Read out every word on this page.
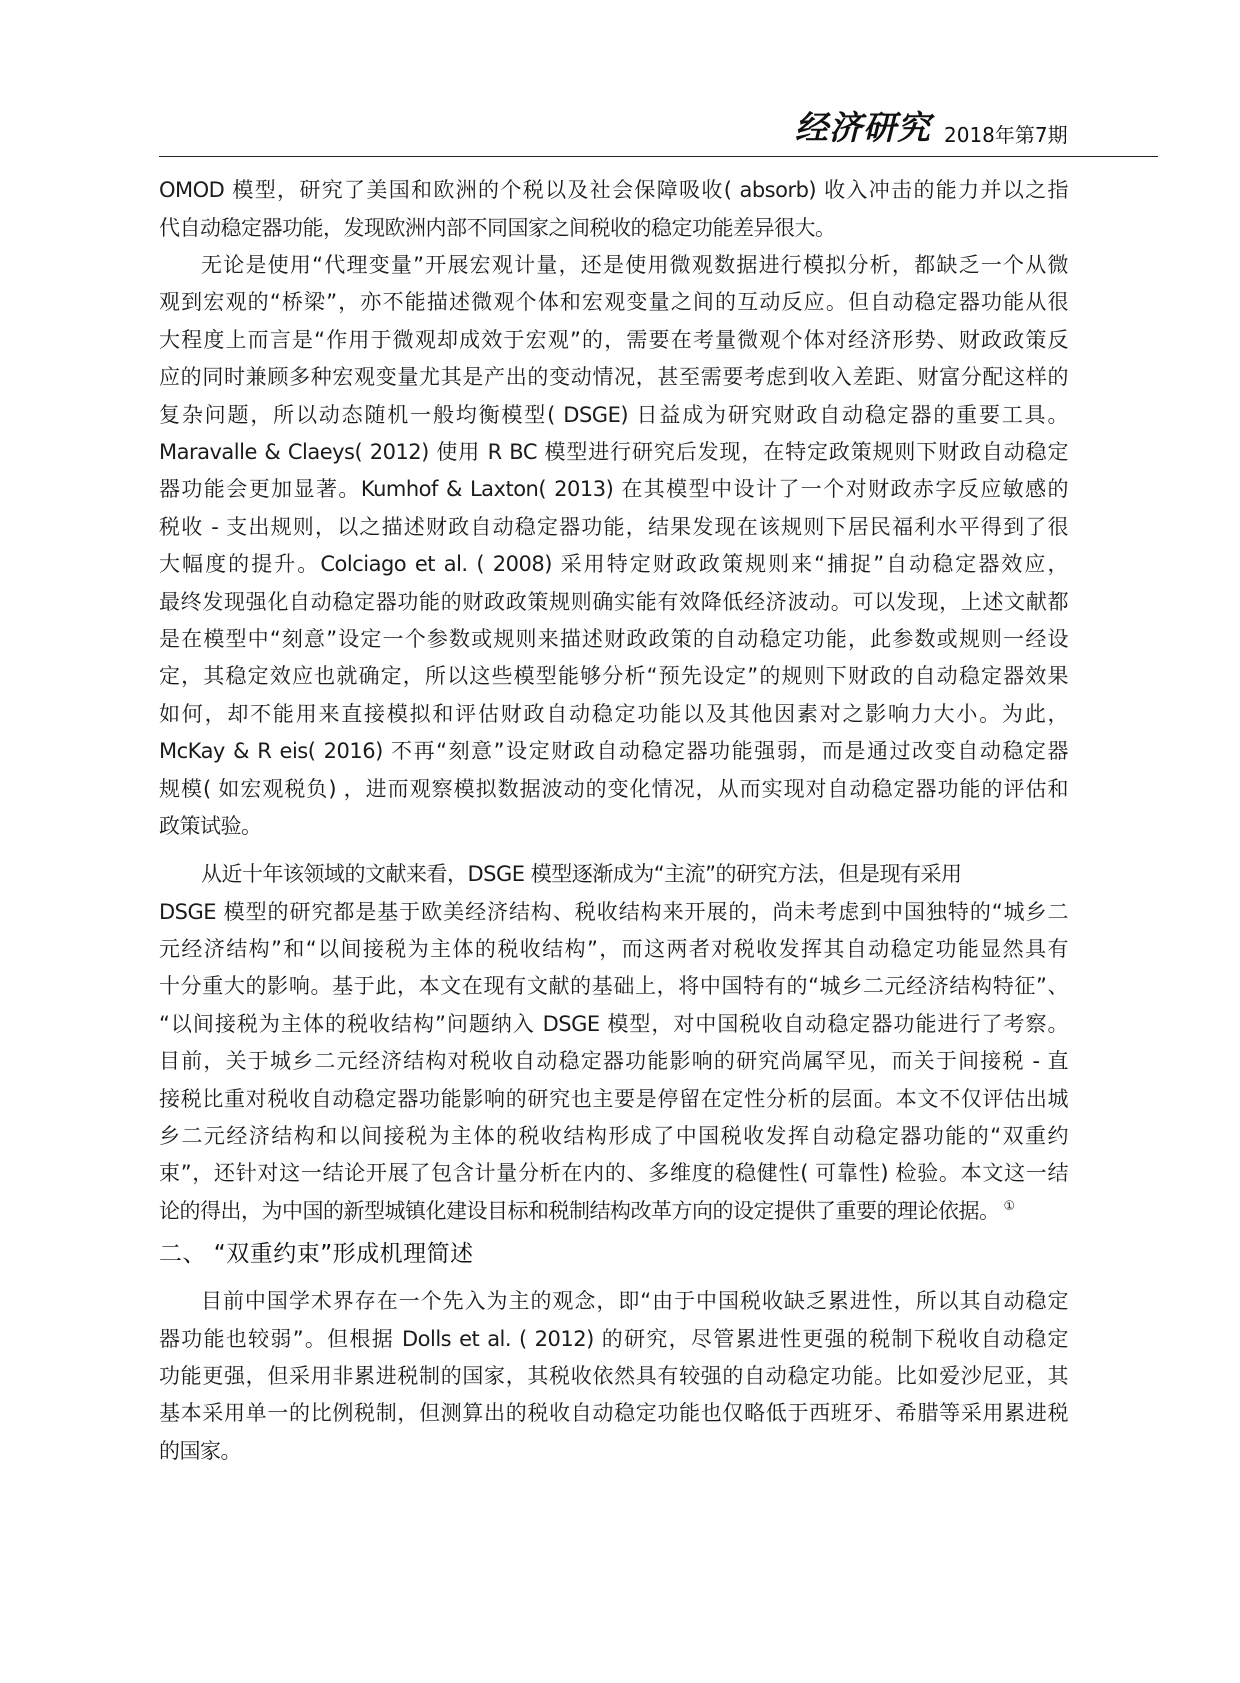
经济研究 2018年第7期
OMOD 模型，研究了美国和欧洲的个税以及社会保障吸收( absorb) 收入冲击的能力并以之指
代自动稳定器功能，发现欧洲内部不同国家之间税收的稳定功能差异很大。
无论是使用“代理变量”开展宏观计量，还是使用微观数据进行模拟分析，都缺乏一个从微
观到宏观的“桥梁”，亦不能描述微观个体和宏观变量之间的互动反应。但自动稳定器功能从很
大程度上而言是“作用于微观却成效于宏观”的，需要在考量微观个体对经济形势、财政政策反
应的同时兼顾多种宏观变量尤其是产出的变动情况，甚至需要考虑到收入差距、财富分配这样的
复杂问题，所以动态随机一般均衡模型( DSGE) 日益成为研究财政自动稳定器的重要工具。
Maravalle & Claeys( 2012) 使用 R BC 模型进行研究后发现，在特定政策规则下财政自动稳定
器功能会更加显著。Kumhof & Laxton( 2013) 在其模型中设计了一个对财政赤字反应敏感的
税收 - 支出规则，以之描述财政自动稳定器功能，结果发现在该规则下居民福利水平得到了很
大幅度的提升。Colciago et al. ( 2008) 采用特定财政政策规则来“捕捉”自动稳定器效应，
最终发现强化自动稳定器功能的财政政策规则确实能有效降低经济波动。可以发现，上述文献都
是在模型中“刻意”设定一个参数或规则来描述财政政策的自动稳定功能，此参数或规则一经设
定，其稳定效应也就确定，所以这些模型能够分析“预先设定”的规则下财政的自动稳定器效果
如何，却不能用来直接模拟和评估财政自动稳定功能以及其他因素对之影响力大小。为此，
McKay & R eis( 2016) 不再“刻意”设定财政自动稳定器功能强弱，而是通过改变自动稳定器
规模( 如宏观税负) ，进而观察模拟数据波动的变化情况，从而实现对自动稳定器功能的评估和
政策试验。
从近十年该领域的文献来看，DSGE 模型逐渐成为“主流”的研究方法，但是现有采用
DSGE 模型的研究都是基于欧美经济结构、税收结构来开展的，尚未考虑到中国独特的“城乡二
元经济结构”和“以间接税为主体的税收结构”，而这两者对税收发挥其自动稳定功能显然具有
十分重大的影响。基于此，本文在现有文献的基础上，将中国特有的“城乡二元经济结构特征”、
“以间接税为主体的税收结构”问题纳入 DSGE 模型，对中国税收自动稳定器功能进行了考察。
目前，关于城乡二元经济结构对税收自动稳定器功能影响的研究尚属罕见，而关于间接税 - 直
接税比重对税收自动稳定器功能影响的研究也主要是停留在定性分析的层面。本文不仅评估出城
乡二元经济结构和以间接税为主体的税收结构形成了中国税收发挥自动稳定器功能的“双重约
束”，还针对这一结论开展了包含计量分析在内的、多维度的稳健性( 可靠性) 检验。本文这一结
论的得出，为中国的新型城镇化建设目标和税制结构改革方向的设定提供了重要的理论依据。 ①
二、 “双重约束”形成机理简述
目前中国学术界存在一个先入为主的观念，即“由于中国税收缺乏累进性，所以其自动稳定
器功能也较弱”。但根据 Dolls et al. ( 2012) 的研究，尽管累进性更强的税制下税收自动稳定
功能更强，但采用非累进税制的国家，其税收依然具有较强的自动稳定功能。比如爱沙尼亚，其
基本采用单一的比例税制，但测算出的税收自动稳定功能也仅略低于西班牙、希腊等采用累进税
的国家。
